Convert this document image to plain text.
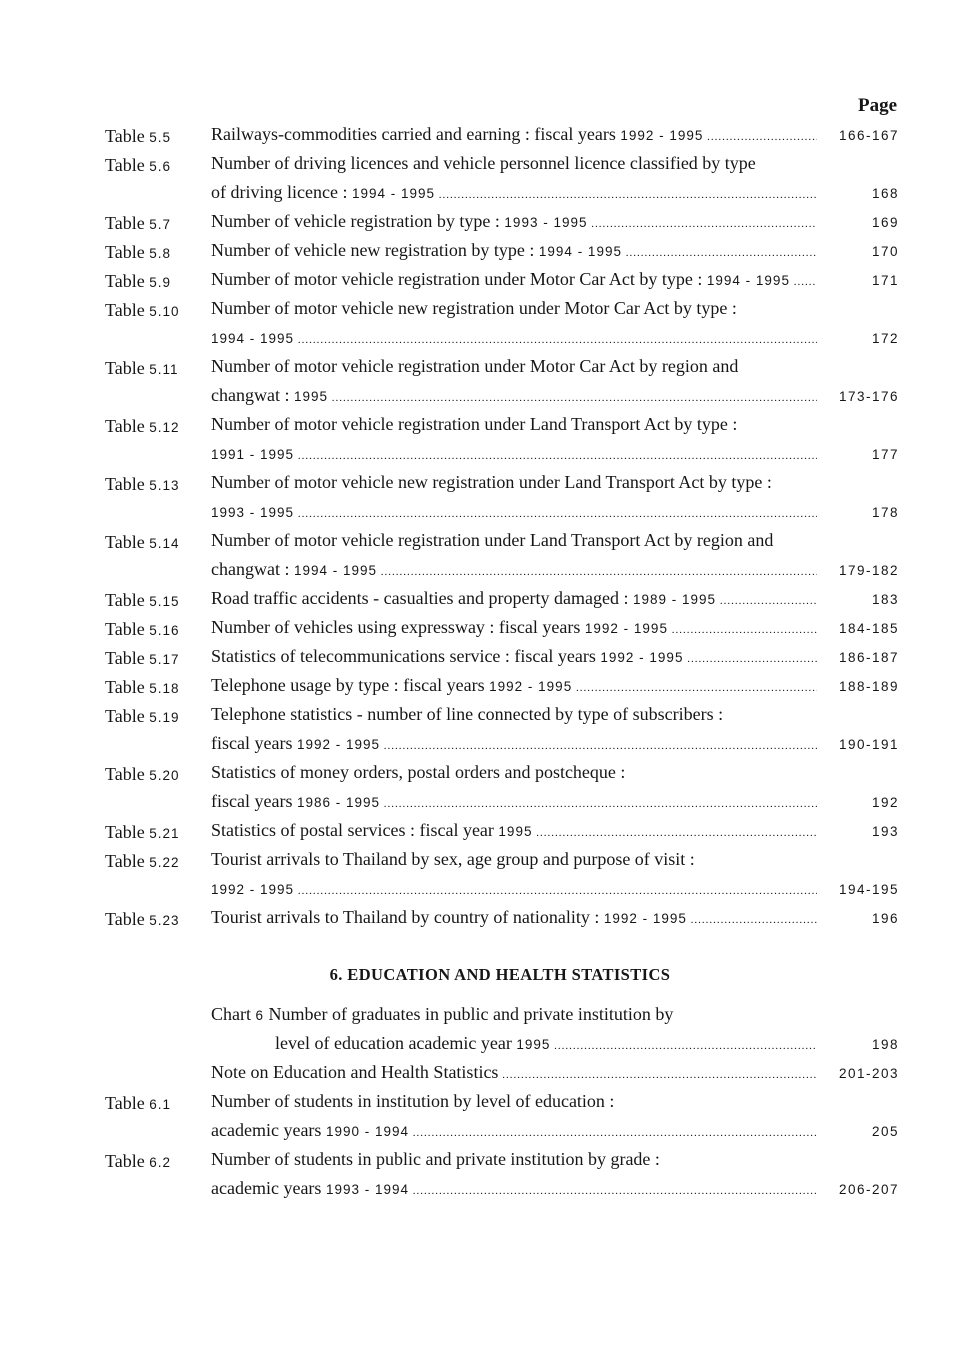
Page
Table 5.5 Railways-commodities carried and earning : fiscal years 1992 - 1995 .....	166-167
Table 5.6 Number of driving licences and vehicle personnel licence classified by type
of driving licence : 1994 - 1995 .....	168
Table 5.7 Number of vehicle registration by type : 1993 - 1995 .....	169
Table 5.8 Number of vehicle new registration by type : 1994 - 1995 .....	170
Table 5.9 Number of motor vehicle registration under Motor Car Act by type : 1994 - 1995 .....	171
Table 5.10 Number of motor vehicle new registration under Motor Car Act by type :
1994 - 1995 .....	172
Table 5.11 Number of motor vehicle registration under Motor Car Act by region and
changwat : 1995 .....	173-176
Table 5.12 Number of motor vehicle registration under Land Transport Act by type :
1991 - 1995 .....	177
Table 5.13 Number of motor vehicle new registration under Land Transport Act by type :
1993 - 1995 .....	178
Table 5.14 Number of motor vehicle registration under Land Transport Act by region and
changwat : 1994 - 1995 .....	179-182
Table 5.15 Road traffic accidents - casualties and property damaged : 1989 - 1995 .....	183
Table 5.16 Number of vehicles using expressway : fiscal years 1992 - 1995 .....	184-185
Table 5.17 Statistics of telecommunications service : fiscal years 1992 - 1995 .....	186-187
Table 5.18 Telephone usage by type : fiscal years 1992 - 1995 .....	188-189
Table 5.19 Telephone statistics - number of line connected by type of subscribers :
fiscal years 1992 - 1995 .....	190-191
Table 5.20 Statistics of money orders, postal orders and postcheque :
fiscal years 1986 - 1995 .....	192
Table 5.21 Statistics of postal services : fiscal year 1995 .....	193
Table 5.22 Tourist arrivals to Thailand by sex, age group and purpose of visit :
1992 - 1995 .....	194-195
Table 5.23 Tourist arrivals to Thailand by country of nationality : 1992 - 1995 .....	196
6. EDUCATION AND HEALTH STATISTICS
Chart 6 Number of graduates in public and private institution by
level of education academic year 1995 .....	198
Note on Education and Health Statistics .....	201-203
Table 6.1 Number of students in institution by level of education :
academic years 1990 - 1994 .....	205
Table 6.2 Number of students in public and private institution by grade :
academic years 1993 - 1994 .....	206-207
